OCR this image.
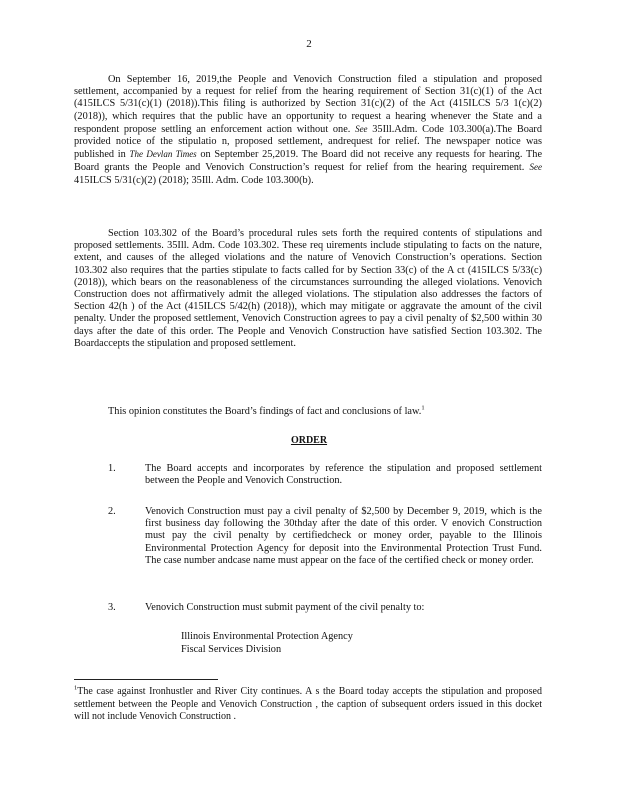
2
On September 16, 2019,the People and Venovich Construction filed a stipulation and proposed settlement, accompanied by a request for relief from the hearing requirement of Section 31(c)(1) of the Act (415ILCS 5/31(c)(1) (2018)).This filing is authorized by Section 31(c)(2) of the Act (415ILCS 5/3 1(c)(2) (2018)), which requires that the public have an opportunity to request a hearing whenever the State and a respondent propose settling an enforcement action without one. See 35Ill.Adm. Code 103.300(a).The Board provided notice of the stipulatio n, proposed settlement, andrequest for relief. The newspaper notice was published in The Devlan Times on September 25,2019. The Board did not receive any requests for hearing. The Board grants the People and Venovich Construction’s request for relief from the hearing requirement. See 415ILCS 5/31(c)(2) (2018); 35Ill. Adm. Code 103.300(b).
Section 103.302 of the Board’s procedural rules sets forth the required contents of stipulations and proposed settlements. 35Ill. Adm. Code 103.302. These req uirements include stipulating to facts on the nature, extent, and causes of the alleged violations and the nature of Venovich Construction’s operations. Section 103.302 also requires that the parties stipulate to facts called for by Section 33(c) of the A ct (415ILCS 5/33(c) (2018)), which bears on the reasonableness of the circumstances surrounding the alleged violations. Venovich Construction does not affirmatively admit the alleged violations. The stipulation also addresses the factors of Section 42(h ) of the Act (415ILCS 5/42(h) (2018)), which may mitigate or aggravate the amount of the civil penalty. Under the proposed settlement, Venovich Construction agrees to pay a civil penalty of $2,500 within 30 days after the date of this order. The People and Venovich Construction have satisfied Section 103.302. The Boardaccepts the stipulation and proposed settlement.
This opinion constitutes the Board’s findings of fact and conclusions of law.$^1$
ORDER
1.	The Board accepts and incorporates by reference the stipulation and proposed settlement between the People and Venovich Construction.
2.	Venovich Construction must pay a civil penalty of $2,500 by December 9, 2019, which is the first business day following the 30thday after the date of this order. V enovich Construction must pay the civil penalty by certifiedcheck or money order, payable to the Illinois Environmental Protection Agency for deposit into the Environmental Protection Trust Fund. The case number andcase name must appear on the face of the certified check or money order.
3.	Venovich Construction must submit payment of the civil penalty to:
Illinois Environmental Protection Agency
Fiscal Services Division
$^1$The case against Ironhustler and River City continues. A s the Board today accepts the stipulation and proposed settlement between the People and Venovich Construction , the caption of subsequent orders issued in this docket will not include Venovich Construction .
